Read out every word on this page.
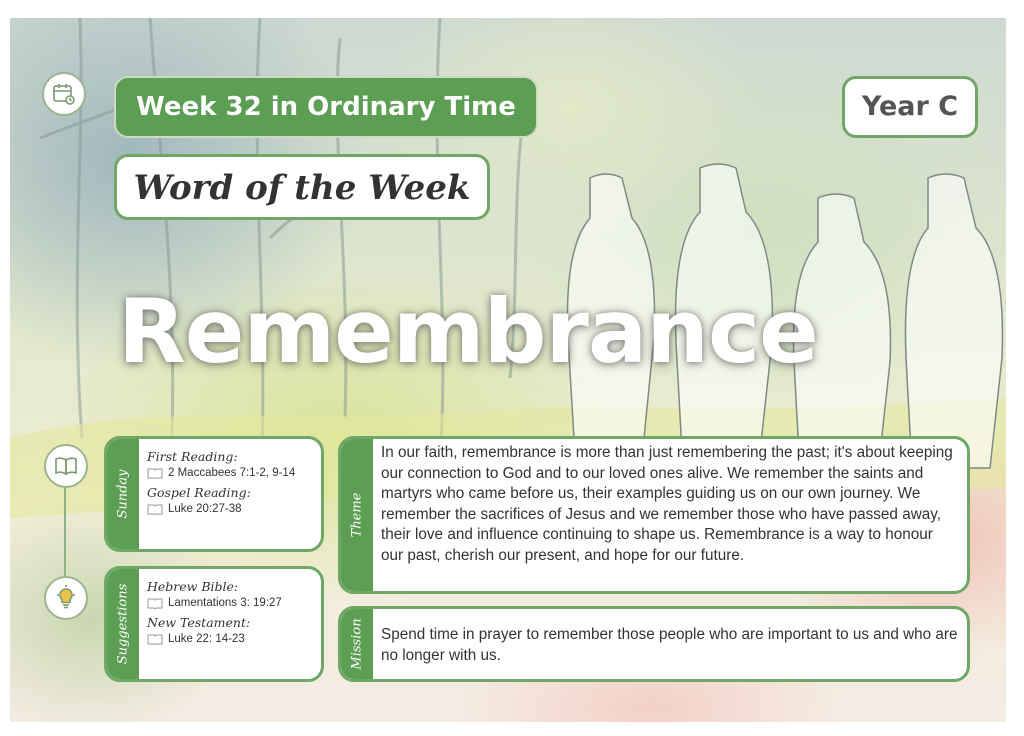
Week 32 in Ordinary Time	Year C
Word of the Week
Remembrance
Sunday

First Reading:

2 Maccabees 7:1-2, 9-14

Gospel Reading:

Luke 20:27-38

Suggestions Hebrew Bible:

Lamentations 3: 19:27

New Testament:

Luke 22: 14-23

Theme

In our faith, remembrance is more than just remembering the past; it's about keeping our connection to God and to our loved ones alive. We remember the saints and martyrs who came before us, their examples guiding us on our own journey. We remember the sacrifices of Jesus and we remember those who have passed away, their love and influence continuing to shape us. Remembrance is a way to honour our past, cherish our present, and hope for our future.

Mission Spend time in prayer to remember those people who are important to us and who are no longer with us.
